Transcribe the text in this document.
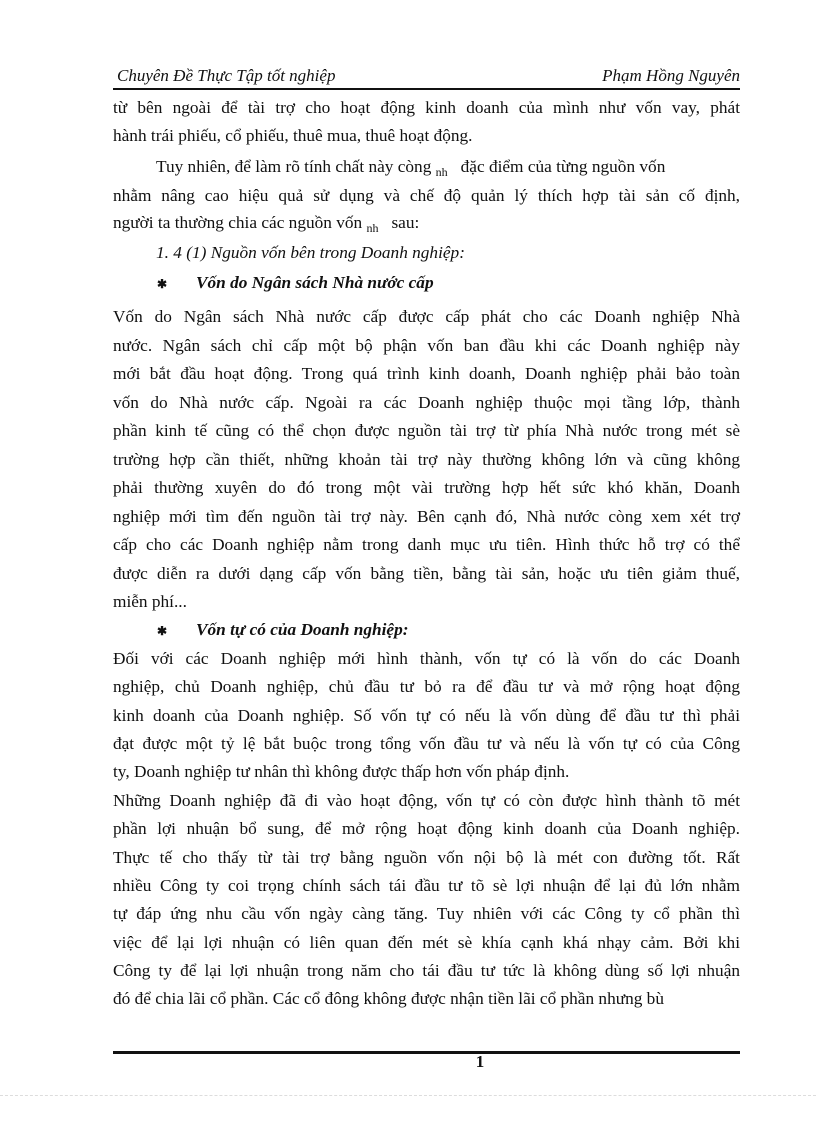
Chuyên Đề Thực Tập tốt nghiệp	Phạm Hồng Nguyên
từ bên ngoài để tài trợ cho hoạt động kinh doanh của mình như vốn vay, phát
hành trái phiếu, cổ phiếu, thuê mua, thuê hoạt động.
Tuy nhiên, để làm rõ tính chất này còng $_{nh}$ đặc điểm của từng nguồn vốn
nhằm nâng cao hiệu quả sử dụng và chế độ quản lý thích hợp tài sản cố định,
người ta thường chia các nguồn vốn $_{nh}$ sau:
1. 4 (1) Nguồn vốn bên trong Doanh nghiệp:
✱ Vốn do Ngân sách Nhà nước cấp
Vốn do Ngân sách Nhà nước cấp được cấp phát cho các Doanh nghiệp Nhà
nước. Ngân sách chỉ cấp một bộ phận vốn ban đầu khi các Doanh nghiệp này
mới bắt đầu hoạt động. Trong quá trình kinh doanh, Doanh nghiệp phải bảo toàn
vốn do Nhà nước cấp. Ngoài ra các Doanh nghiệp thuộc mọi tầng lớp, thành
phần kinh tế cũng có thể chọn được nguồn tài trợ từ phía Nhà nước trong mét sè
trường hợp cần thiết, những khoản tài trợ này thường không lớn và cũng không
phải thường xuyên do đó trong một vài trường hợp hết sức khó khăn, Doanh
nghiệp mới tìm đến nguồn tài trợ này. Bên cạnh đó, Nhà nước còng xem xét trợ
cấp cho các Doanh nghiệp nằm trong danh mục ưu tiên. Hình thức hỗ trợ có thể
được diễn ra dưới dạng cấp vốn bằng tiền, bằng tài sản, hoặc ưu tiên giảm thuế,
miễn phí...
✱ Vốn tự có của Doanh nghiệp:
Đối với các Doanh nghiệp mới hình thành, vốn tự có là vốn do các Doanh
nghiệp, chủ Doanh nghiệp, chủ đầu tư bỏ ra để đầu tư và mở rộng hoạt động
kinh doanh của Doanh nghiệp. Số vốn tự có nếu là vốn dùng để đầu tư thì phải
đạt được một tỷ lệ bắt buộc trong tổng vốn đầu tư và nếu là vốn tự có của Công
ty, Doanh nghiệp tư nhân thì không được thấp hơn vốn pháp định.
Những Doanh nghiệp đã đi vào hoạt động, vốn tự có còn được hình thành tõ mét
phần lợi nhuận bổ sung, để mở rộng hoạt động kinh doanh của Doanh nghiệp.
Thực tế cho thấy từ tài trợ bằng nguồn vốn nội bộ là mét con đường tốt. Rất
nhiều Công ty coi trọng chính sách tái đầu tư tõ sè lợi nhuận để lại đủ lớn nhằm
tự đáp ứng nhu cầu vốn ngày càng tăng. Tuy nhiên với các Công ty cổ phần thì
việc để lại lợi nhuận có liên quan đến mét sè khía cạnh khá nhạy cảm. Bởi khi
Công ty để lại lợi nhuận trong năm cho tái đầu tư tức là không dùng số lợi nhuận
đó để chia lãi cổ phần. Các cổ đông không được nhận tiền lãi cổ phần nhưng bù
1
